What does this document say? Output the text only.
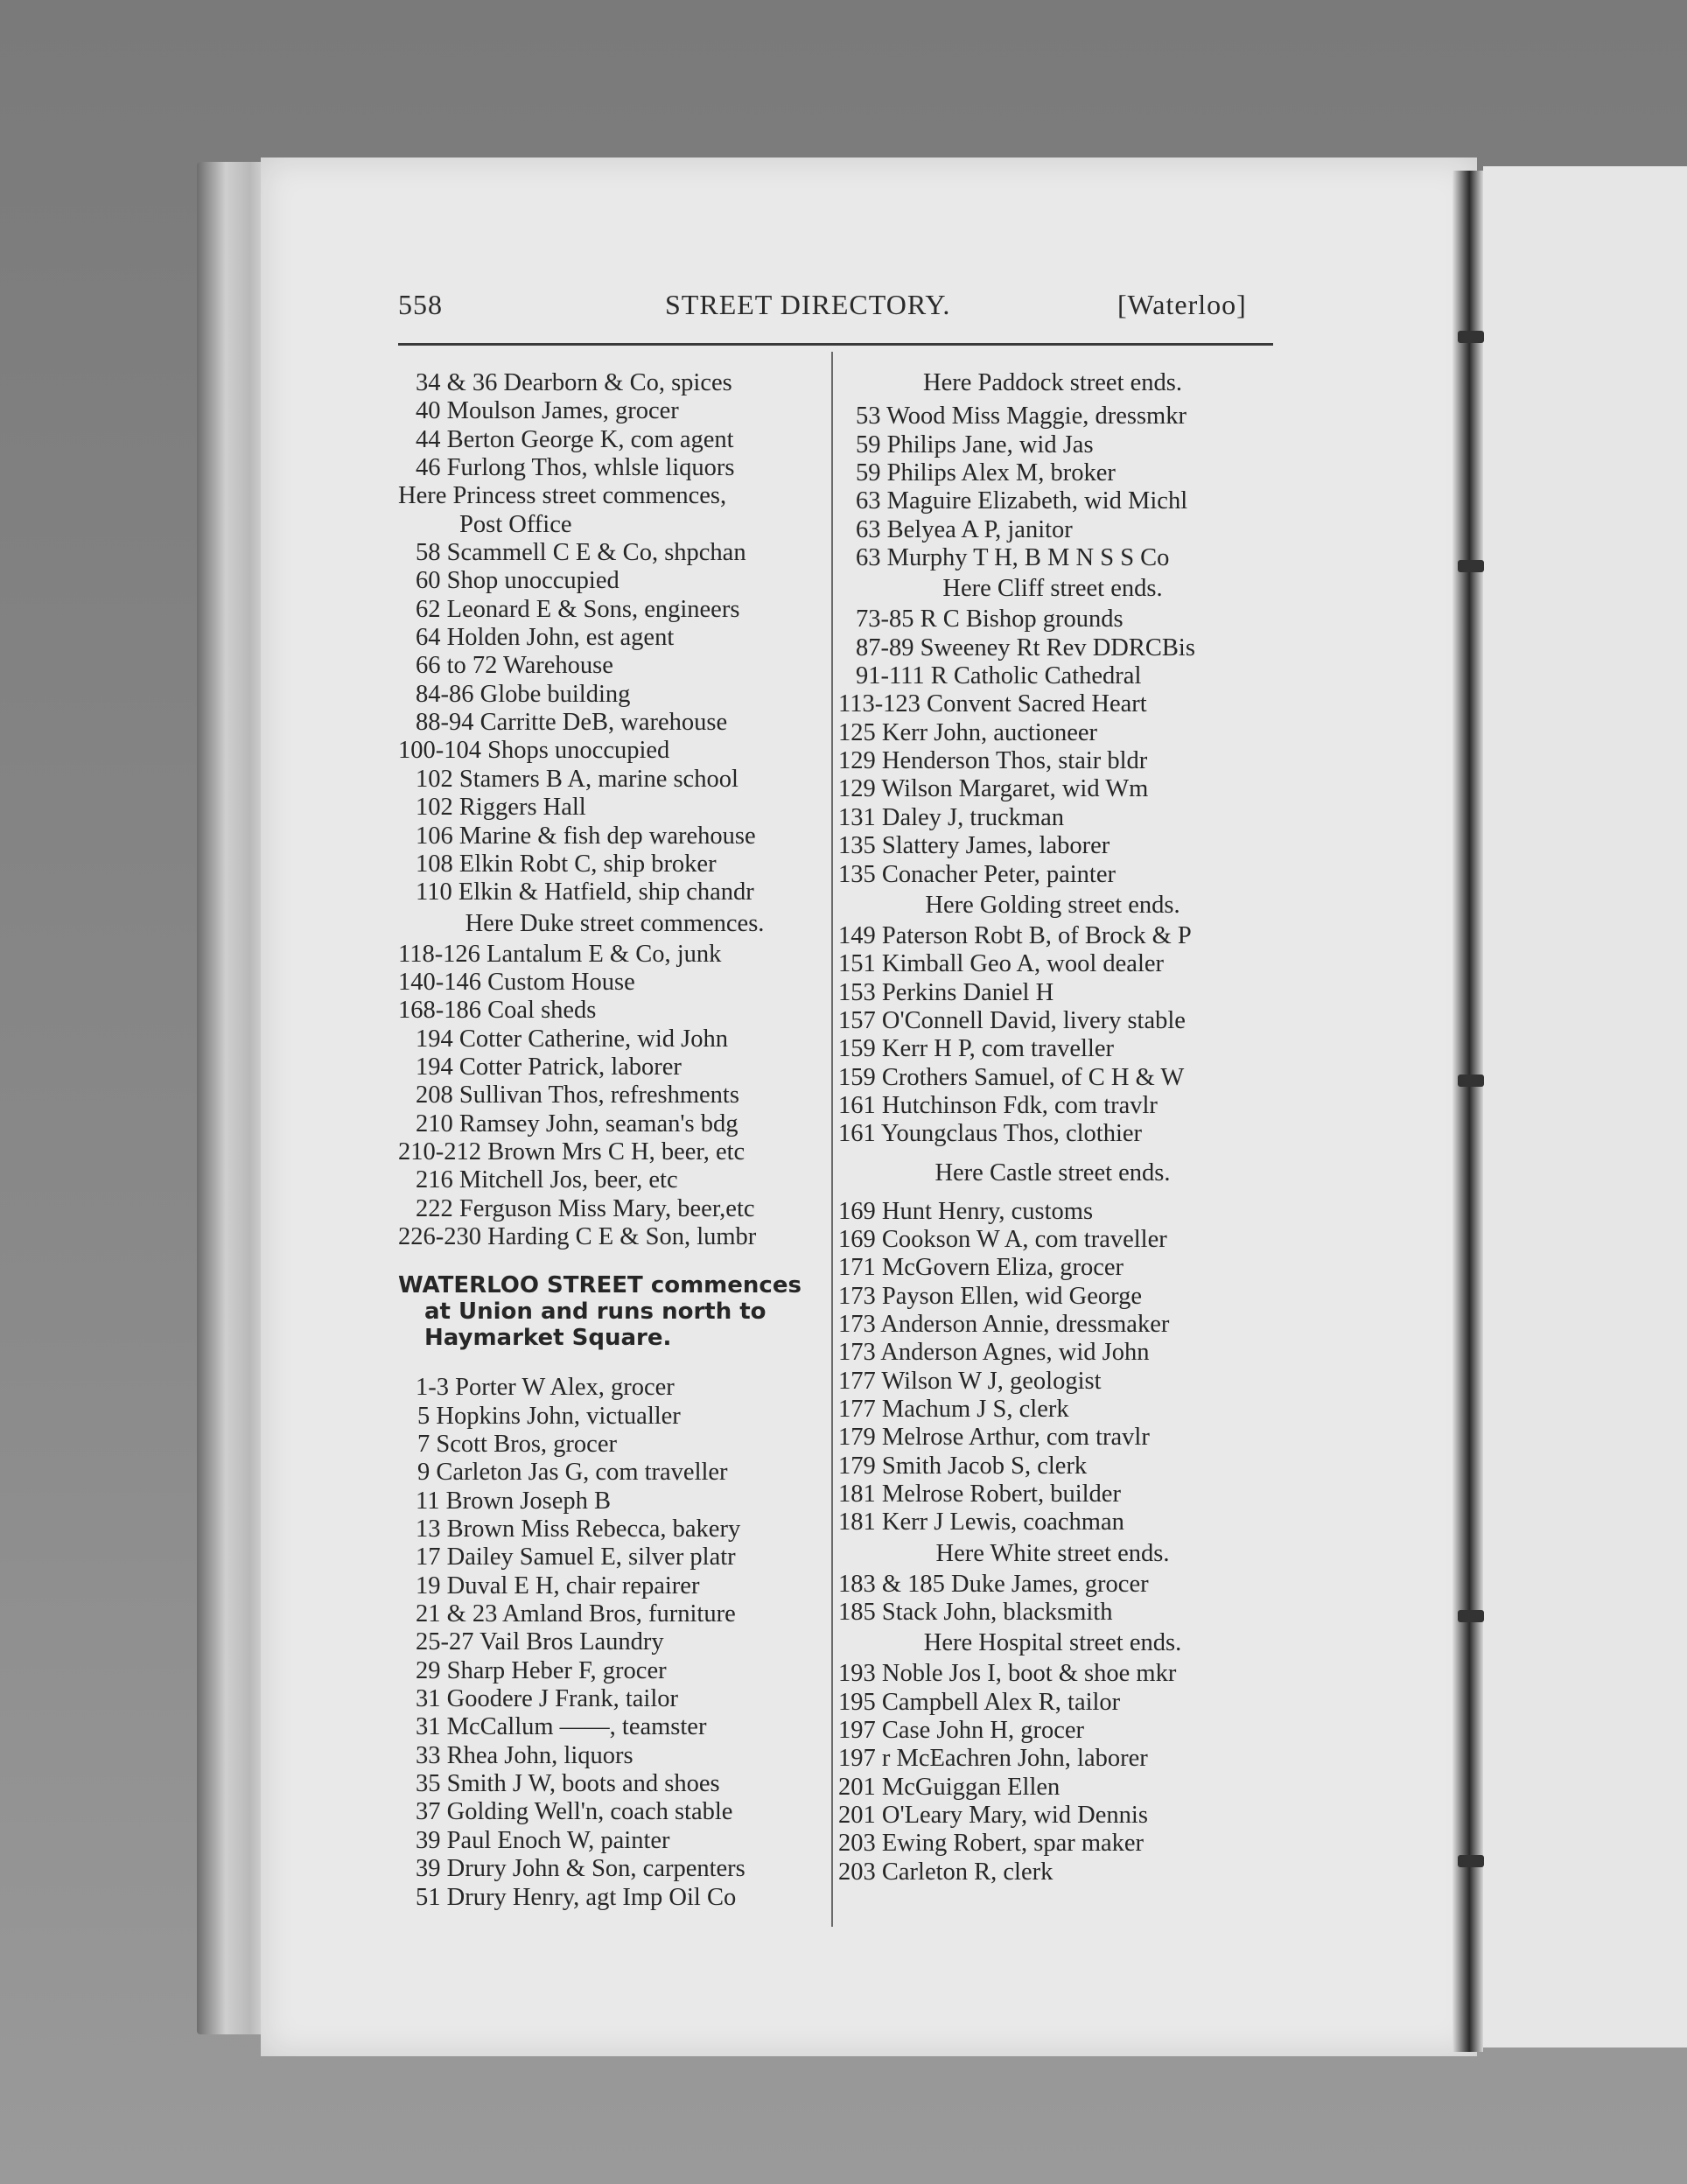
558	STREET DIRECTORY.	[Waterloo]
34 & 36 Dearborn & Co, spices
40 Moulson James, grocer
44 Berton George K, com agent
46 Furlong Thos, whlsle liquors
Here Princess street commences,
Post Office
58 Scammell C E & Co, shpchan
60 Shop unoccupied
62 Leonard E & Sons, engineers
64 Holden John, est agent
66 to 72 Warehouse
84-86 Globe building
88-94 Carritte DeB, warehouse
100-104 Shops unoccupied
102 Stamers B A, marine school
102 Riggers Hall
106 Marine & fish dep warehouse
108 Elkin Robt C, ship broker
110 Elkin & Hatfield, ship chandr
Here Duke street commences.
118-126 Lantalum E & Co, junk
140-146 Custom House
168-186 Coal sheds
194 Cotter Catherine, wid John
194 Cotter Patrick, laborer
208 Sullivan Thos, refreshments
210 Ramsey John, seaman's bdg
210-212 Brown Mrs C H, beer, etc
216 Mitchell Jos, beer, etc
222 Ferguson Miss Mary, beer,etc
226-230 Harding C E & Son, lumbr
WATERLOO STREET commences
at Union and runs north to
Haymarket Square.
1-3 Porter W Alex, grocer
5 Hopkins John, victualler
7 Scott Bros, grocer
9 Carleton Jas G, com traveller
11 Brown Joseph B
13 Brown Miss Rebecca, bakery
17 Dailey Samuel E, silver platr
19 Duval E H, chair repairer
21 & 23 Amland Bros, furniture
25-27 Vail Bros Laundry
29 Sharp Heber F, grocer
31 Goodere J Frank, tailor
31 McCallum ——, teamster
33 Rhea John, liquors
35 Smith J W, boots and shoes
37 Golding Well'n, coach stable
39 Paul Enoch W, painter
39 Drury John & Son, carpenters
51 Drury Henry, agt Imp Oil Co
Here Paddock street ends.
53 Wood Miss Maggie, dressmkr
59 Philips Jane, wid Jas
59 Philips Alex M, broker
63 Maguire Elizabeth, wid Michl
63 Belyea A P, janitor
63 Murphy T H, B M N S S Co
Here Cliff street ends.
73-85 R C Bishop grounds
87-89 Sweeney Rt Rev DDRCBis
91-111 R Catholic Cathedral
113-123 Convent Sacred Heart
125 Kerr John, auctioneer
129 Henderson Thos, stair bldr
129 Wilson Margaret, wid Wm
131 Daley J, truckman
135 Slattery James, laborer
135 Conacher Peter, painter
Here Golding street ends.
149 Paterson Robt B, of Brock & P
151 Kimball Geo A, wool dealer
153 Perkins Daniel H
157 O'Connell David, livery stable
159 Kerr H P, com traveller
159 Crothers Samuel, of C H & W
161 Hutchinson Fdk, com travlr
161 Youngclaus Thos, clothier
Here Castle street ends.
169 Hunt Henry, customs
169 Cookson W A, com traveller
171 McGovern Eliza, grocer
173 Payson Ellen, wid George
173 Anderson Annie, dressmaker
173 Anderson Agnes, wid John
177 Wilson W J, geologist
177 Machum J S, clerk
179 Melrose Arthur, com travlr
179 Smith Jacob S, clerk
181 Melrose Robert, builder
181 Kerr J Lewis, coachman
Here White street ends.
183 & 185 Duke James, grocer
185 Stack John, blacksmith
Here Hospital street ends.
193 Noble Jos I, boot & shoe mkr
195 Campbell Alex R, tailor
197 Case John H, grocer
197 r McEachren John, laborer
201 McGuiggan Ellen
201 O'Leary Mary, wid Dennis
203 Ewing Robert, spar maker
203 Carleton R, clerk
